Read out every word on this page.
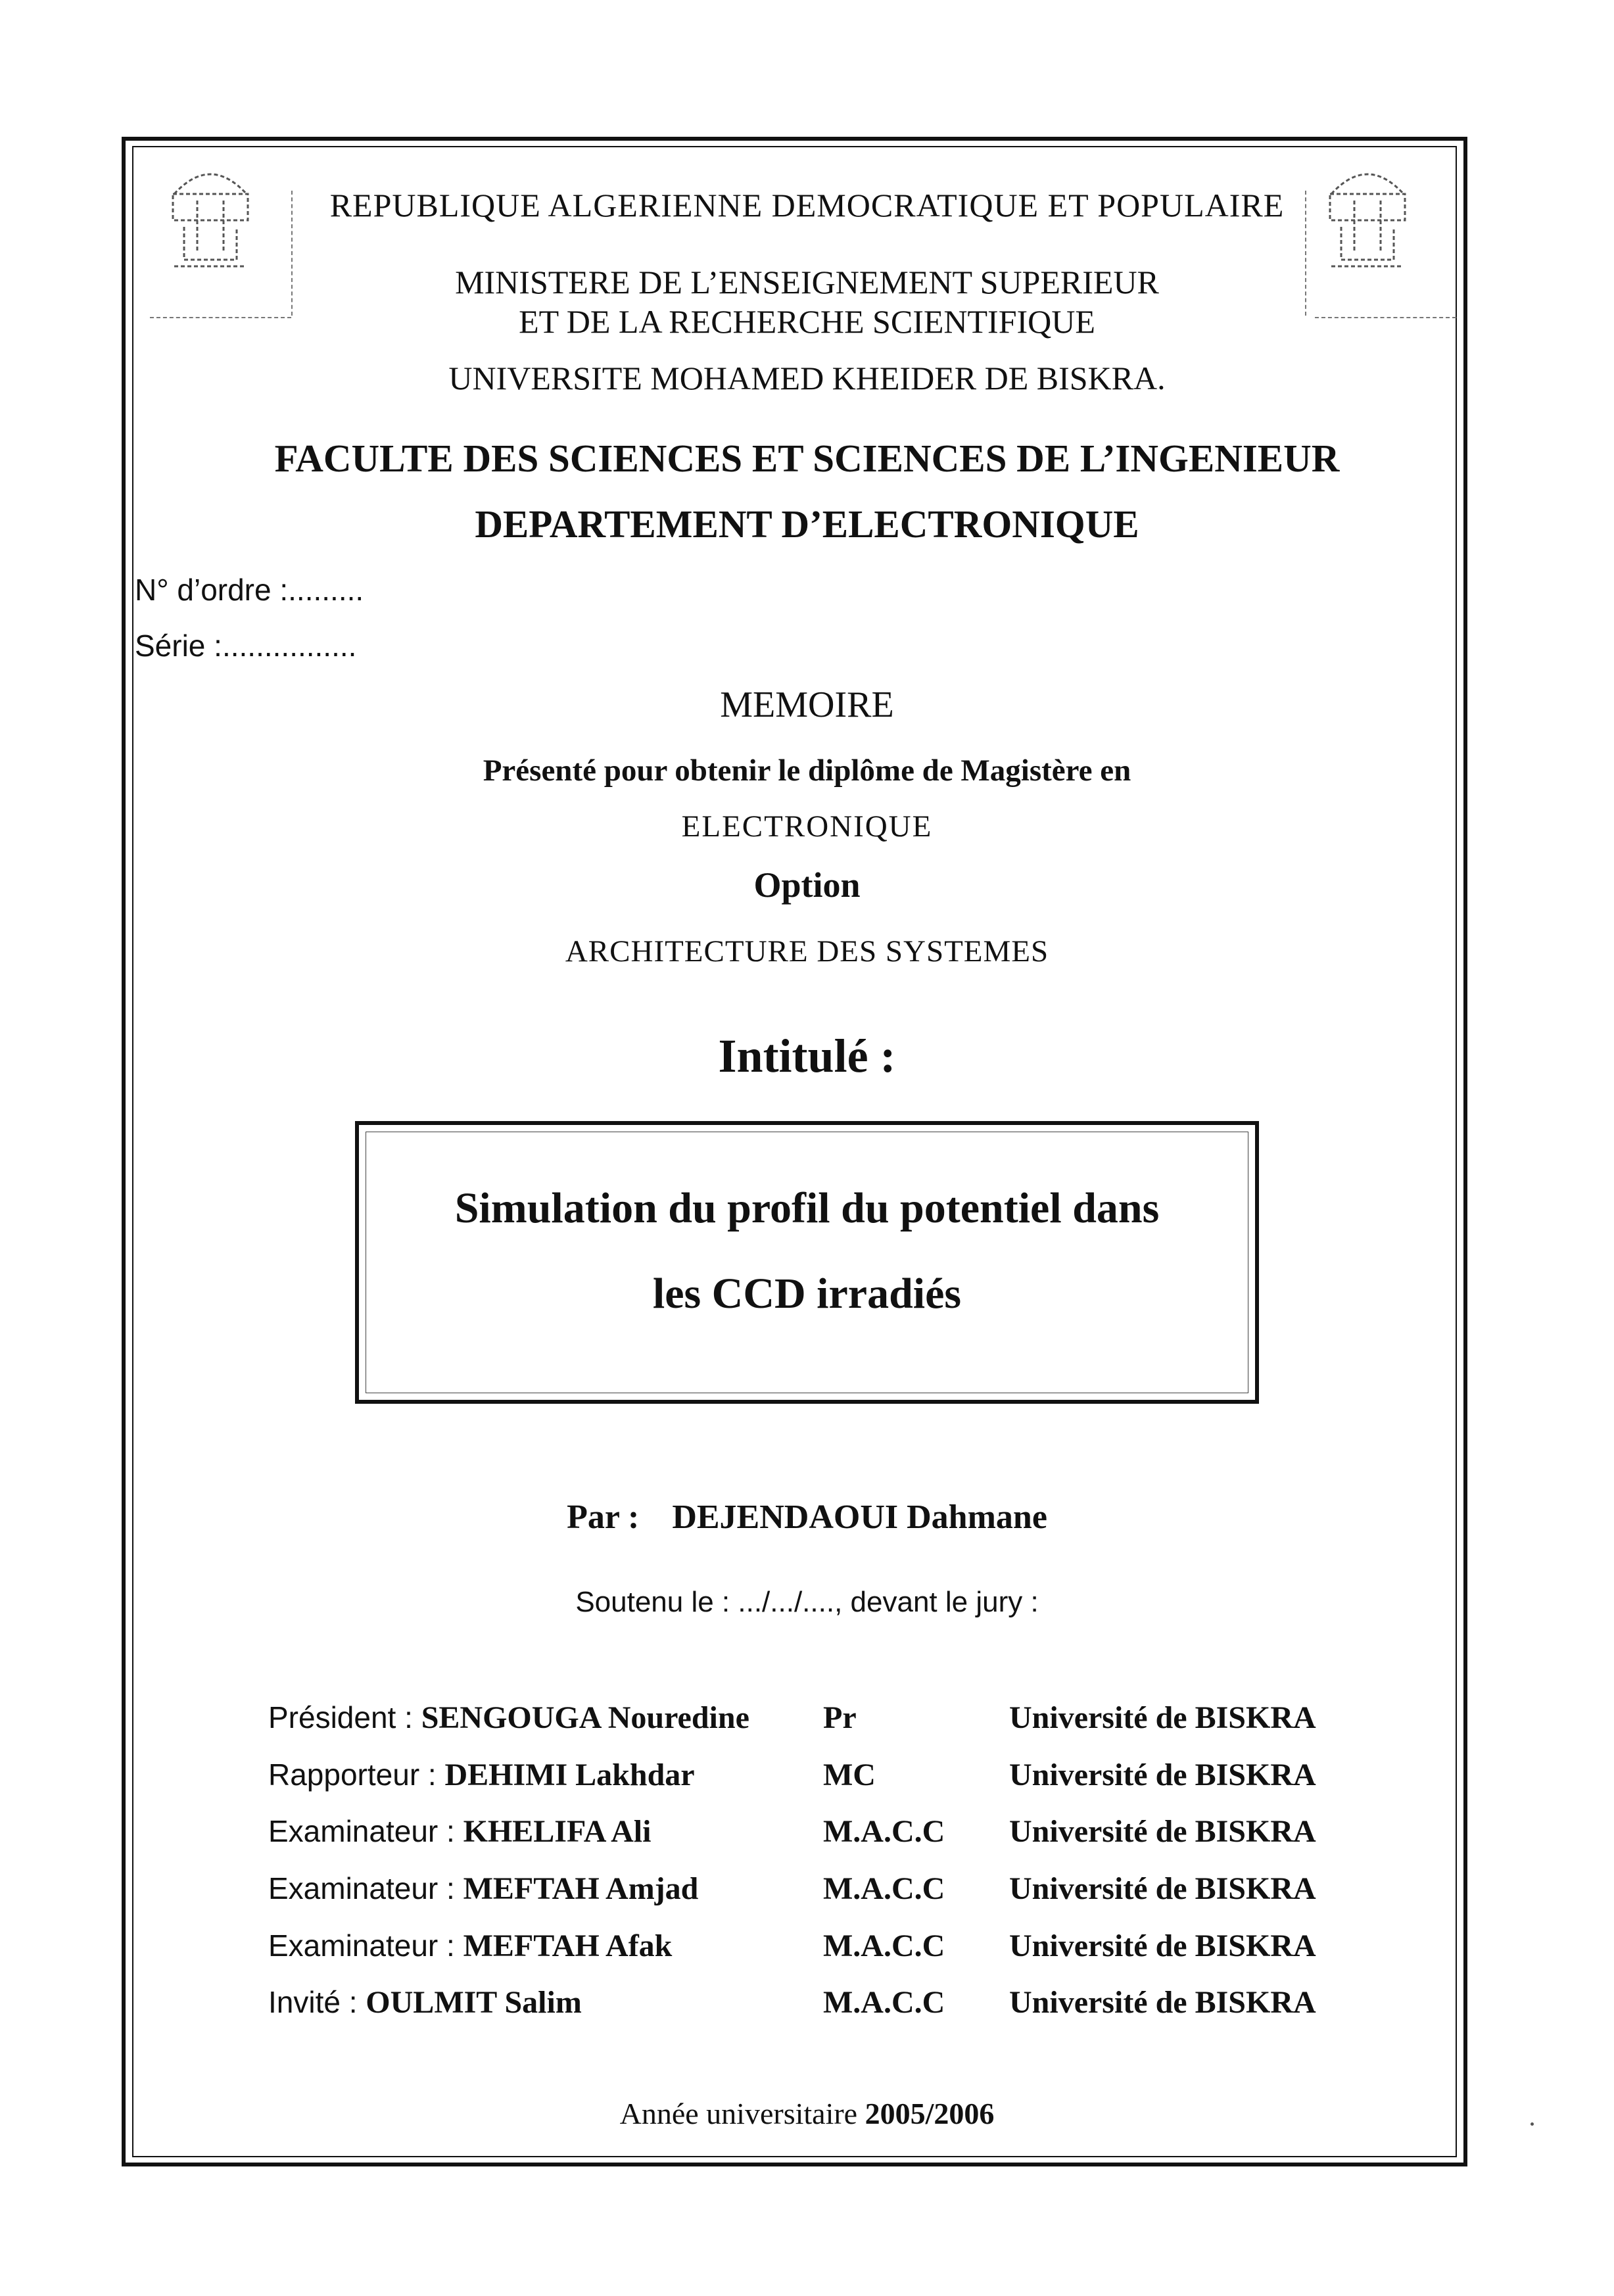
REPUBLIQUE ALGERIENNE DEMOCRATIQUE ET POPULAIRE
MINISTERE DE L’ENSEIGNEMENT SUPERIEUR
ET DE LA RECHERCHE SCIENTIFIQUE
UNIVERSITE MOHAMED KHEIDER DE BISKRA.
FACULTE DES SCIENCES ET SCIENCES DE L’INGENIEUR
DEPARTEMENT D’ELECTRONIQUE
N° d’ordre :.........
Série :................
MEMOIRE
Présenté pour obtenir le diplôme de Magistère en
ELECTRONIQUE
Option
ARCHITECTURE DES SYSTEMES
Intitulé :
Simulation du profil du potentiel dans
les CCD irradiés
Par : DEJENDAOUI Dahmane
Soutenu le : .../.../...., devant le jury :
Président : SENGOUGA Nouredine Pr	Université de BISKRA
Rapporteur : DEHIMI Lakhdar	MC	Université de BISKRA
Examinateur : KHELIFA Ali	M.A.C.C Université de BISKRA
Examinateur : MEFTAH Amjad	M.A.C.C Université de BISKRA
Examinateur : MEFTAH Afak	M.A.C.C Université de BISKRA
Invité : OULMIT Salim	M.A.C.C Université de BISKRA
Année universitaire 2005/2006
